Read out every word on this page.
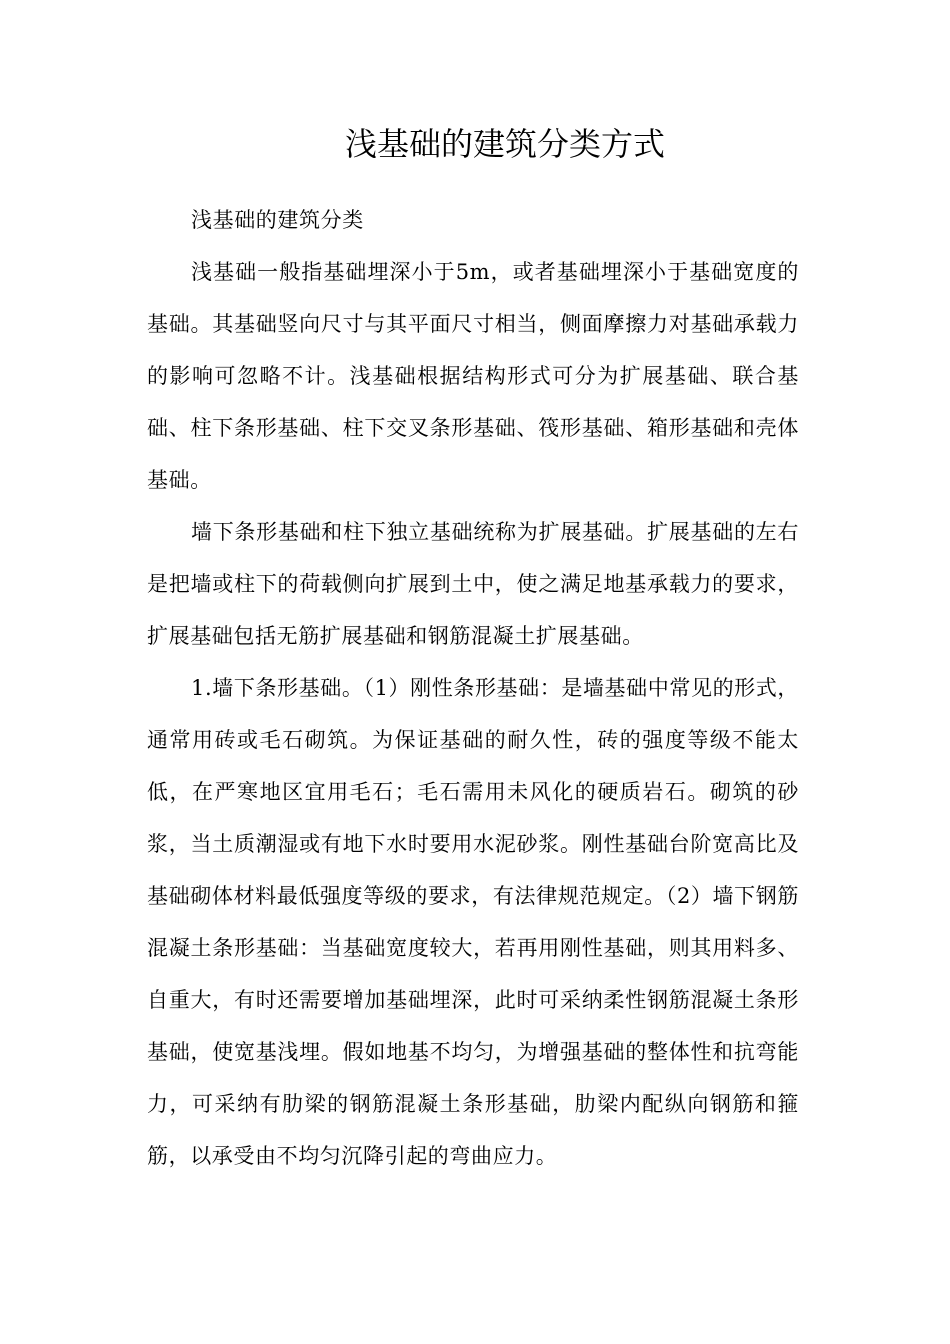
浅基础的建筑分类方式

浅基础的建筑分类

浅基础一般指基础埋深小于5m，或者基础埋深小于基础宽度的基础。其基础竖向尺寸与其平面尺寸相当，侧面摩擦力对基础承载力的影响可忽略不计。浅基础根据结构形式可分为扩展基础、联合基础、柱下条形基础、柱下交叉条形基础、筏形基础、箱形基础和壳体基础。

墙下条形基础和柱下独立基础统称为扩展基础。扩展基础的左右是把墙或柱下的荷载侧向扩展到土中，使之满足地基承载力的要求，扩展基础包括无筋扩展基础和钢筋混凝土扩展基础。

1.墙下条形基础。（1）刚性条形基础：是墙基础中常见的形式，通常用砖或毛石砌筑。为保证基础的耐久性，砖的强度等级不能太低，在严寒地区宜用毛石；毛石需用未风化的硬质岩石。砌筑的砂浆，当土质潮湿或有地下水时要用水泥砂浆。刚性基础台阶宽高比及基础砌体材料最低强度等级的要求，有法律规范规定。（2）墙下钢筋混凝土条形基础：当基础宽度较大，若再用刚性基础，则其用料多、自重大，有时还需要增加基础埋深，此时可采纳柔性钢筋混凝土条形基础，使宽基浅埋。假如地基不均匀，为增强基础的整体性和抗弯能力，可采纳有肋梁的钢筋混凝土条形基础，肋梁内配纵向钢筋和箍筋，以承受由不均匀沉降引起的弯曲应力。
